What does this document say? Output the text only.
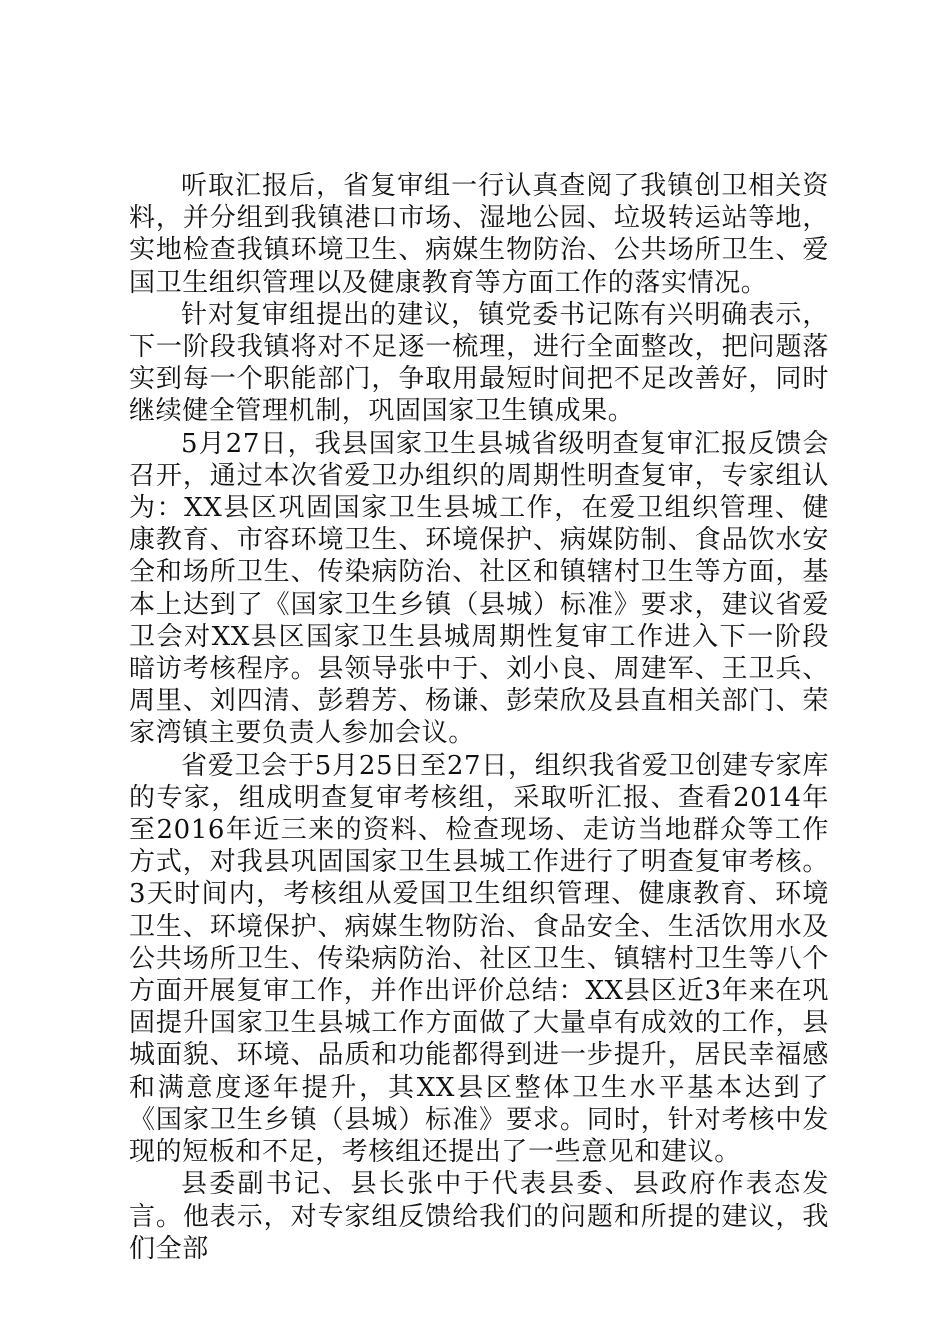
听取汇报后，省复审组一行认真查阅了我镇创卫相关资料，并分组到我镇港口市场、湿地公园、垃圾转运站等地，实地检查我镇环境卫生、病媒生物防治、公共场所卫生、爱国卫生组织管理以及健康教育等方面工作的落实情况。

针对复审组提出的建议，镇党委书记陈有兴明确表示，下一阶段我镇将对不足逐一梳理，进行全面整改，把问题落实到每一个职能部门，争取用最短时间把不足改善好，同时继续健全管理机制，巩固国家卫生镇成果。

5月27日，我县国家卫生县城省级明查复审汇报反馈会召开，通过本次省爱卫办组织的周期性明查复审，专家组认为：XX县区巩固国家卫生县城工作，在爱卫组织管理、健康教育、市容环境卫生、环境保护、病媒防制、食品饮水安全和场所卫生、传染病防治、社区和镇辖村卫生等方面，基本上达到了《国家卫生乡镇（县城）标准》要求，建议省爱卫会对XX县区国家卫生县城周期性复审工作进入下一阶段暗访考核程序。县领导张中于、刘小良、周建军、王卫兵、周里、刘四清、彭碧芳、杨谦、彭荣欣及县直相关部门、荣家湾镇主要负责人参加会议。

省爱卫会于5月25日至27日，组织我省爱卫创建专家库的专家，组成明查复审考核组，采取听汇报、查看2014年至2016年近三来的资料、检查现场、走访当地群众等工作方式，对我县巩固国家卫生县城工作进行了明查复审考核。3天时间内，考核组从爱国卫生组织管理、健康教育、环境卫生、环境保护、病媒生物防治、食品安全、生活饮用水及公共场所卫生、传染病防治、社区卫生、镇辖村卫生等八个方面开展复审工作，并作出评价总结：XX县区近3年来在巩固提升国家卫生县城工作方面做了大量卓有成效的工作，县城面貌、环境、品质和功能都得到进一步提升，居民幸福感和满意度逐年提升，其XX县区整体卫生水平基本达到了《国家卫生乡镇（县城）标准》要求。同时，针对考核中发现的短板和不足，考核组还提出了一些意见和建议。

县委副书记、县长张中于代表县委、县政府作表态发言。他表示，对专家组反馈给我们的问题和所提的建议，我们全部
